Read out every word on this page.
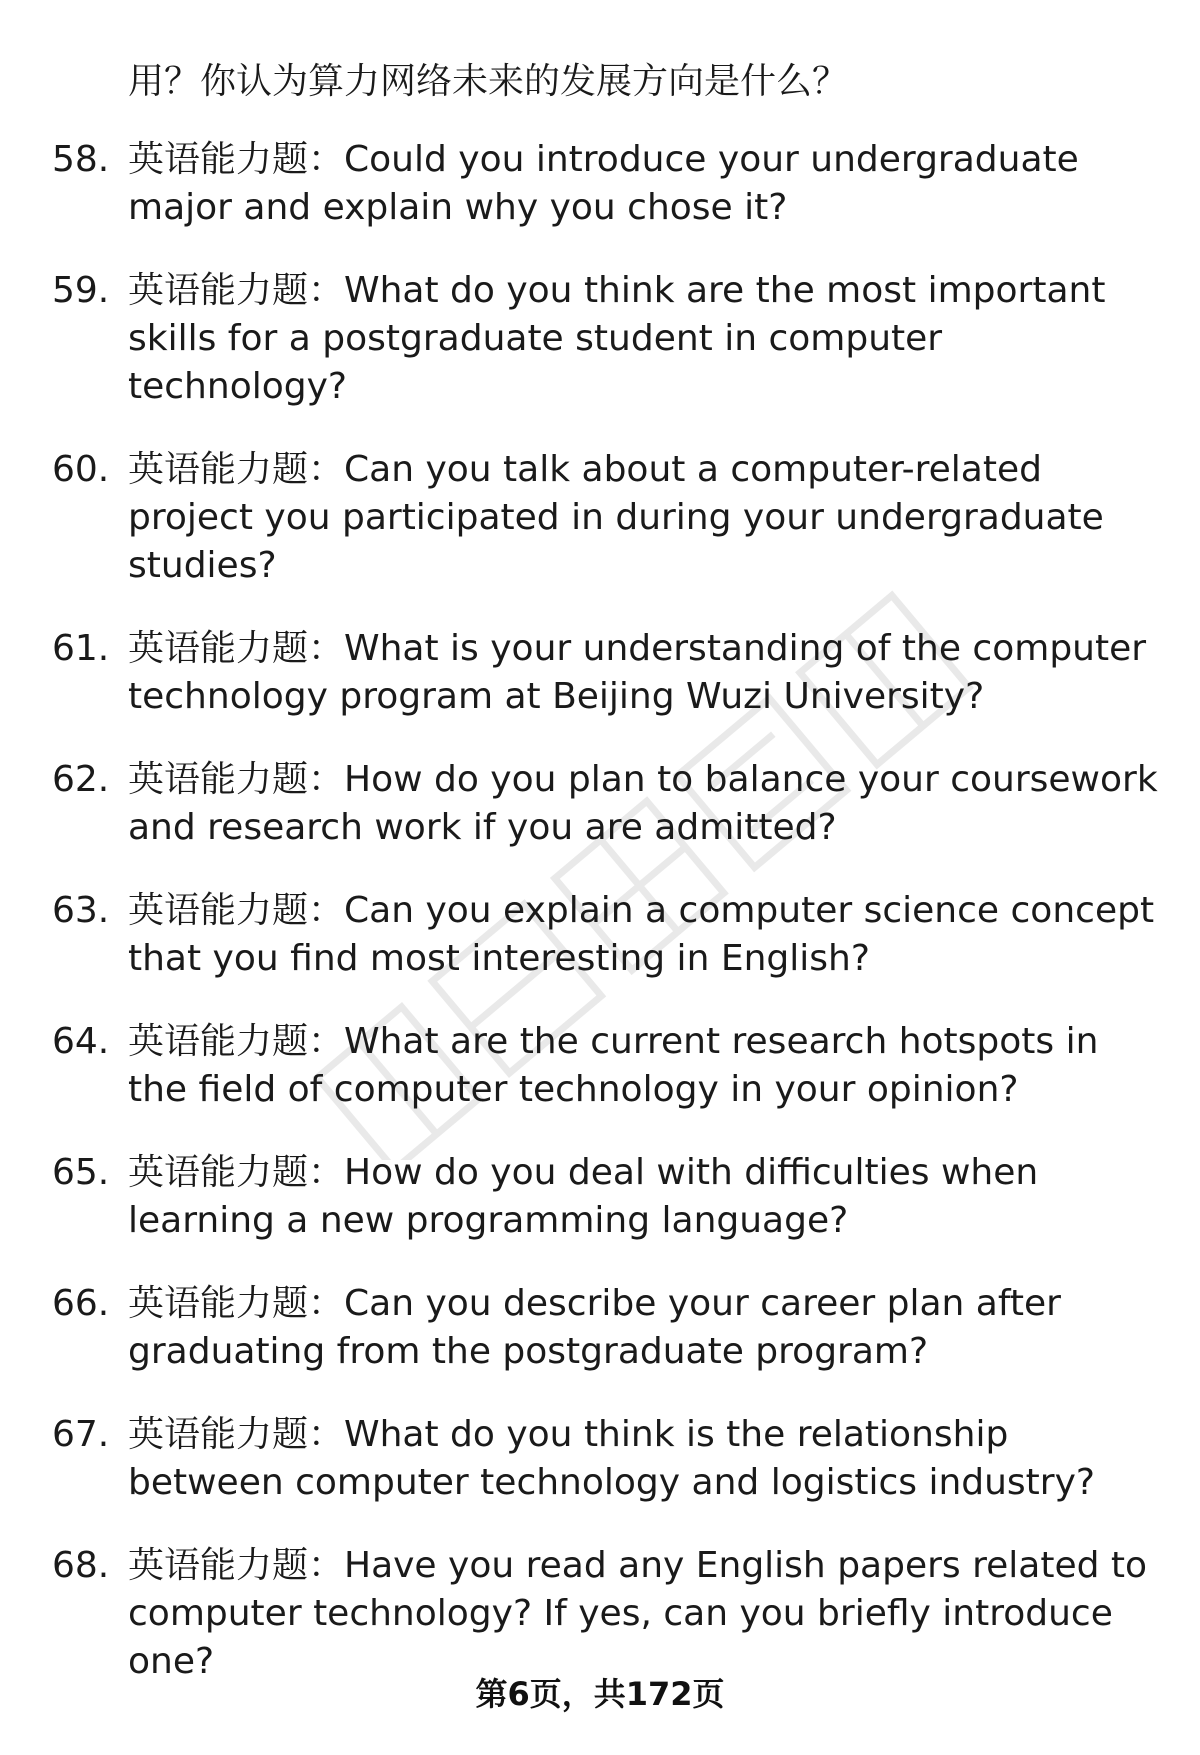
用？你认为算力网络未来的发展方向是什么？
58. 英语能力题：Could you introduce your undergraduate major and explain why you chose it?
59. 英语能力题：What do you think are the most important skills for a postgraduate student in computer technology?
60. 英语能力题：Can you talk about a computer-related project you participated in during your undergraduate studies?
61. 英语能力题：What is your understanding of the computer technology program at Beijing Wuzi University?
62. 英语能力题：How do you plan to balance your coursework and research work if you are admitted?
63. 英语能力题：Can you explain a computer science concept that you find most interesting in English?
64. 英语能力题：What are the current research hotspots in the field of computer technology in your opinion?
65. 英语能力题：How do you deal with difficulties when learning a new programming language?
66. 英语能力题：Can you describe your career plan after graduating from the postgraduate program?
67. 英语能力题：What do you think is the relationship between computer technology and logistics industry?
68. 英语能力题：Have you read any English papers related to computer technology? If yes, can you briefly introduce one?
第6页，共172页
